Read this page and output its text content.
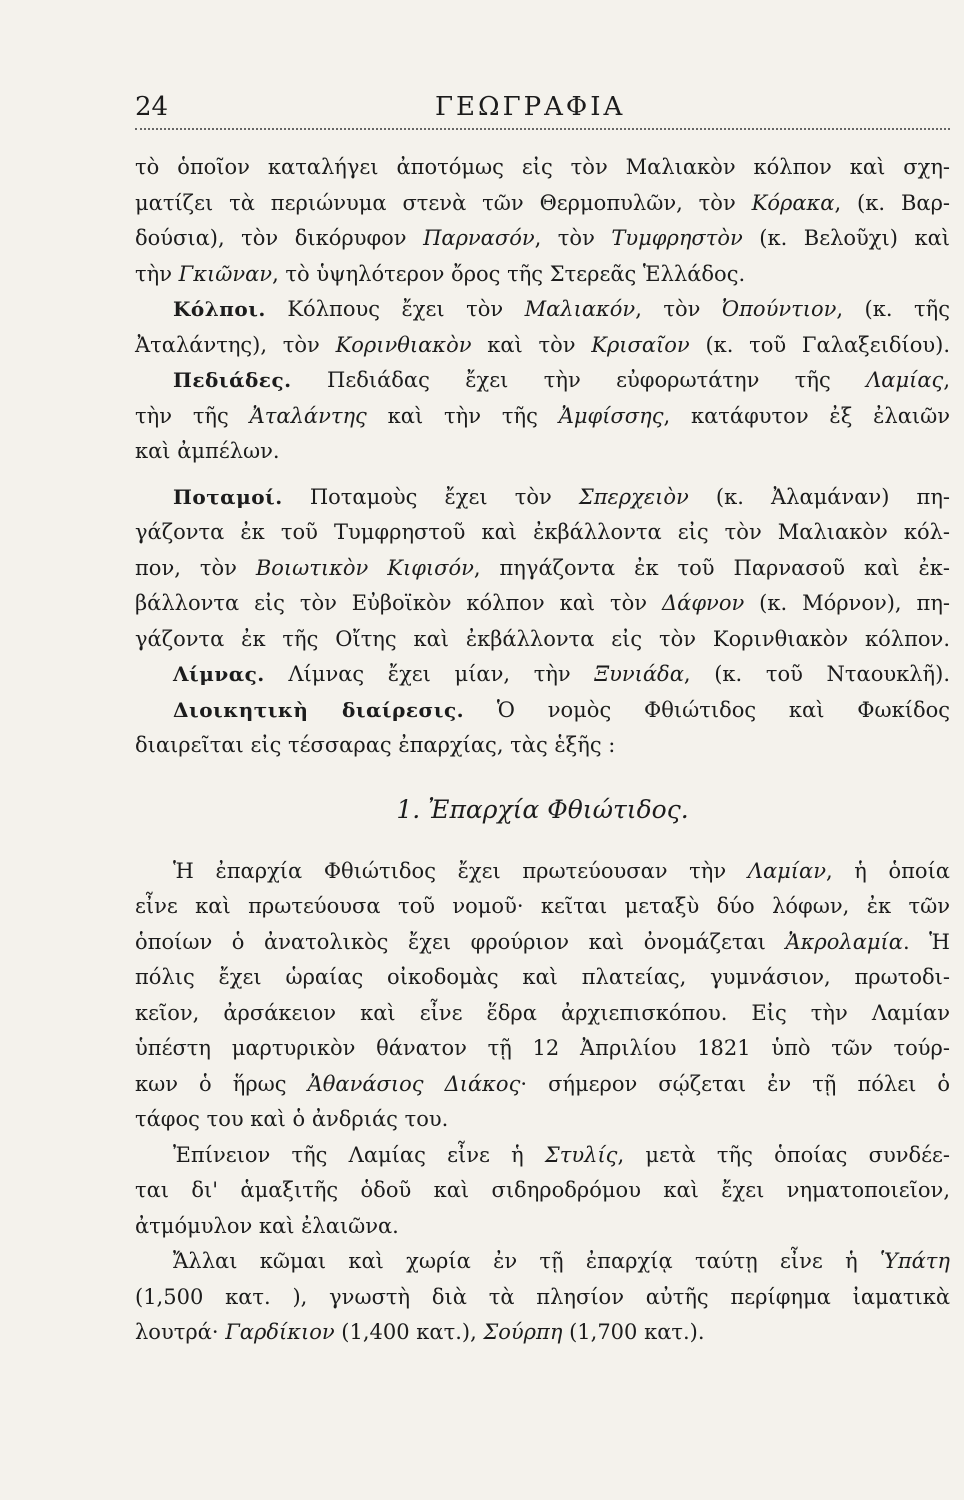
24	ΓΕΩΓΡΑΦΙΑ
τὸ ὁποῖον καταλήγει ἀποτόμως εἰς τὸν Μαλιακὸν κόλπον καὶ σχη-
ματίζει τὰ περιώνυμα στενὰ τῶν Θερμοπυλῶν, τὸν Κόρακα, (κ. Βαρ-
δούσια), τὸν δικόρυφον Παρνασόν, τὸν Τυμφρηστὸν (κ. Βελοῦχι) καὶ
τὴν Γκιῶναν, τὸ ὑψηλότερον ὄρος τῆς Στερεᾶς Ἑλλάδος.
Κόλποι. Κόλπους ἔχει τὸν Μαλιακόν, τὸν Ὀπούντιον, (κ. τῆς
Ἀταλάντης), τὸν Κορινθιακὸν καὶ τὸν Κρισαῖον (κ. τοῦ Γαλαξειδίου).
Πεδιάδες. Πεδιάδας ἔχει τὴν εὐφορωτάτην τῆς Λαμίας,
τὴν τῆς Ἀταλάντης καὶ τὴν τῆς Ἀμφίσσης, κατάφυτον ἐξ ἐλαιῶν
καὶ ἀμπέλων.
Ποταμοί. Ποταμοὺς ἔχει τὸν Σπερχειὸν (κ. Ἀλαμάναν) πη-
γάζοντα ἐκ τοῦ Τυμφρηστοῦ καὶ ἐκβάλλοντα εἰς τὸν Μαλιακὸν κόλ-
πον, τὸν Βοιωτικὸν Κιφισόν, πηγάζοντα ἐκ τοῦ Παρνασοῦ καὶ ἐκ-
βάλλοντα εἰς τὸν Εὐβοϊκὸν κόλπον καὶ τὸν Δάφνον (κ. Μόρνον), πη-
γάζοντα ἐκ τῆς Οἴτης καὶ ἐκβάλλοντα εἰς τὸν Κορινθιακὸν κόλπον.
Λίμνας. Λίμνας ἔχει μίαν, τὴν Ξυνιάδα, (κ. τοῦ Νταουκλῆ).
Διοικητικὴ διαίρεσις. Ὁ νομὸς Φθιώτιδος καὶ Φωκίδος
διαιρεῖται εἰς τέσσαρας ἐπαρχίας, τὰς ἑξῆς :
1. Ἐπαρχία Φθιώτιδος.
Ἡ ἐπαρχία Φθιώτιδος ἔχει πρωτεύουσαν τὴν Λαμίαν, ἡ ὁποία
εἶνε καὶ πρωτεύουσα τοῦ νομοῦ· κεῖται μεταξὺ δύο λόφων, ἐκ τῶν
ὁποίων ὁ ἀνατολικὸς ἔχει φρούριον καὶ ὀνομάζεται Ἀκρολαμία. Ἡ
πόλις ἔχει ὡραίας οἰκοδομὰς καὶ πλατείας, γυμνάσιον, πρωτοδι-
κεῖον, ἀρσάκειον καὶ εἶνε ἕδρα ἀρχιεπισκόπου. Εἰς τὴν Λαμίαν
ὑπέστη μαρτυρικὸν θάνατον τῇ 12 Ἀπριλίου 1821 ὑπὸ τῶν τούρ-
κων ὁ ἥρως Ἀθανάσιος Διάκος· σήμερον σῴζεται ἐν τῇ πόλει ὁ
τάφος του καὶ ὁ ἀνδριάς του.
Ἐπίνειον τῆς Λαμίας εἶνε ἡ Στυλίς, μετὰ τῆς ὁποίας συνδέε-
ται δι' ἁμαξιτῆς ὁδοῦ καὶ σιδηροδρόμου καὶ ἔχει νηματοποιεῖον,
ἀτμόμυλον καὶ ἐλαιῶνα.
Ἄλλαι κῶμαι καὶ χωρία ἐν τῇ ἐπαρχίᾳ ταύτῃ εἶνε ἡ Ὑπάτη
(1,500 κατ. ), γνωστὴ διὰ τὰ πλησίον αὐτῆς περίφημα ἰαματικὰ
λουτρά· Γαρδίκιον (1,400 κατ.), Σούρπη (1,700 κατ.).
